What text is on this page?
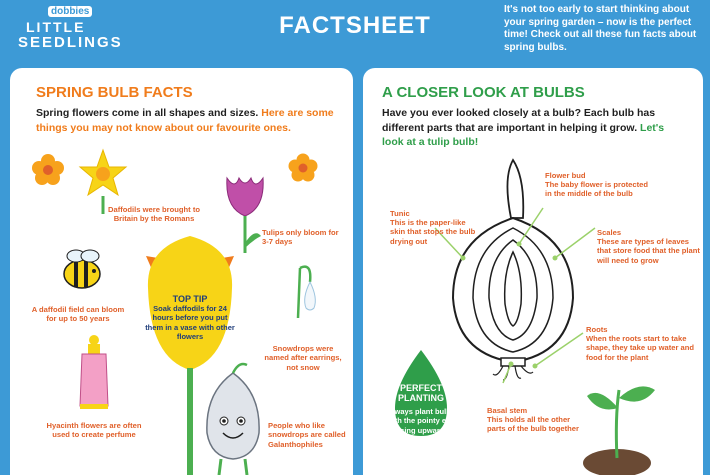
dobbies
LITTLE
SEEDLINGS
FACTSHEET
It's not too early to start thinking about your spring garden – now is the perfect time! Check out all these fun facts about spring bulbs.
SPRING BULB FACTS
Spring flowers come in all shapes and sizes. Here are some things you may not know about our favourite ones.
Daffodils were brought to Britain by the Romans
Tulips only bloom for 3-7 days
A daffodil field can bloom for up to 50 years
Snowdrops were named after earrings, not snow
Hyacinth flowers are often used to create perfume
People who like snowdrops are called Galanthophiles
TOP TIP
Soak daffodils for 24 hours before you put them in a vase with other flowers
A CLOSER LOOK AT BULBS
Have you ever looked closely at a bulb? Each bulb has different parts that are important in helping it grow. Let's look at a tulip bulb!
Flower bud
The baby flower is protected in the middle of the bulb
Tunic
This is the paper-like skin that stops the bulb drying out
Scales
These are types of leaves that store food that the plant will need to grow
Roots
When the roots start to take shape, they take up water and food for the plant
Basal stem
This holds all the other parts of the bulb together
PERFECT
PLANTING
Always plant bulbs with the pointy end facing upwards
